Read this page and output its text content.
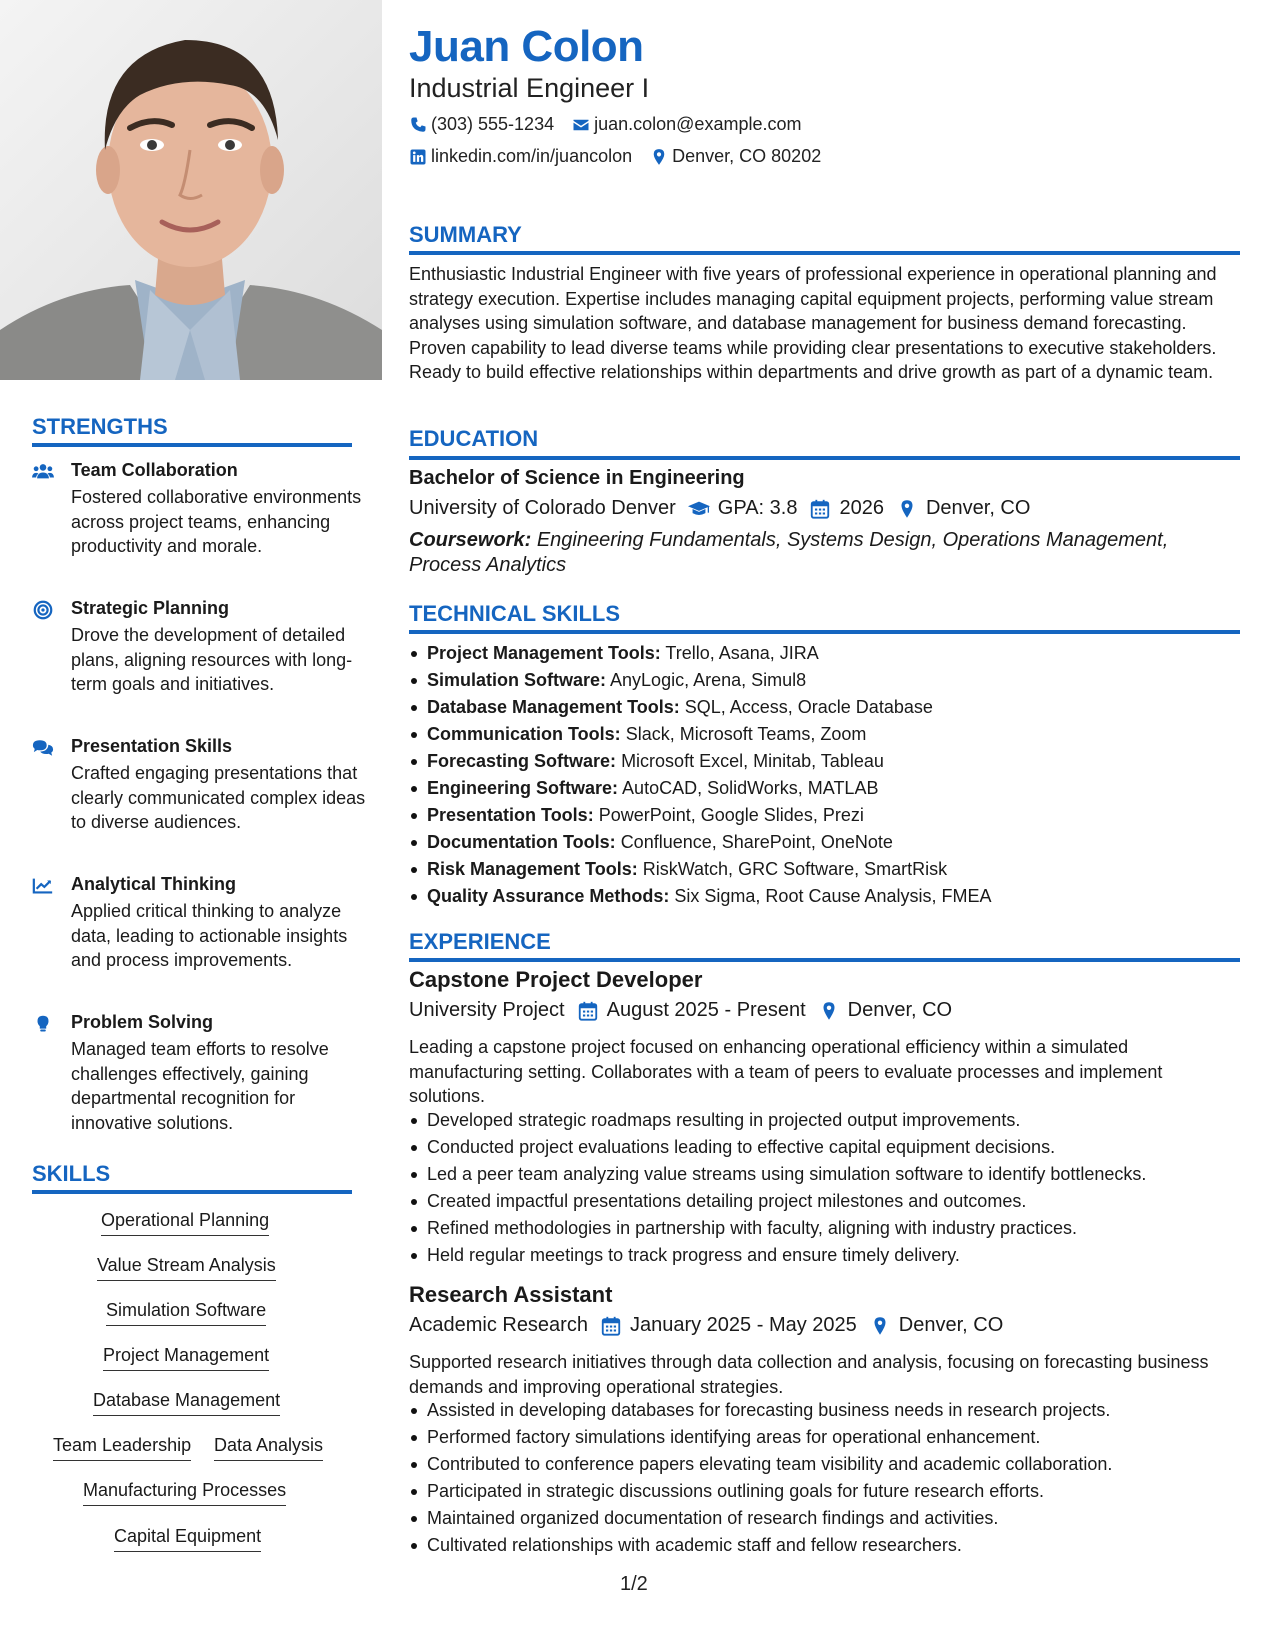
STRENGTHS
Team Collaboration
Fostered collaborative environments across project teams, enhancing productivity and morale.
Strategic Planning
Drove the development of detailed plans, aligning resources with long-term goals and initiatives.
Presentation Skills
Crafted engaging presentations that clearly communicated complex ideas to diverse audiences.
Analytical Thinking
Applied critical thinking to analyze data, leading to actionable insights and process improvements.
Problem Solving
Managed team efforts to resolve challenges effectively, gaining departmental recognition for innovative solutions.
SKILLS
Operational Planning
Value Stream Analysis
Simulation Software
Project Management
Database Management
Team Leadership Data Analysis
Manufacturing Processes
Capital Equipment
Juan Colon
Industrial Engineer I
(303) 555-1234 juan.colon@example.com
linkedin.com/in/juancolon Denver, CO 80202
SUMMARY
Enthusiastic Industrial Engineer with five years of professional experience in operational planning and strategy execution. Expertise includes managing capital equipment projects, performing value stream analyses using simulation software, and database management for business demand forecasting. Proven capability to lead diverse teams while providing clear presentations to executive stakeholders. Ready to build effective relationships within departments and drive growth as part of a dynamic team.
EDUCATION
Bachelor of Science in Engineering
University of Colorado Denver GPA: 3.8 2026 Denver, CO
Coursework: Engineering Fundamentals, Systems Design, Operations Management, Process Analytics
TECHNICAL SKILLS
Project Management Tools: Trello, Asana, JIRA
Simulation Software: AnyLogic, Arena, Simul8
Database Management Tools: SQL, Access, Oracle Database
Communication Tools: Slack, Microsoft Teams, Zoom
Forecasting Software: Microsoft Excel, Minitab, Tableau
Engineering Software: AutoCAD, SolidWorks, MATLAB
Presentation Tools: PowerPoint, Google Slides, Prezi
Documentation Tools: Confluence, SharePoint, OneNote
Risk Management Tools: RiskWatch, GRC Software, SmartRisk
Quality Assurance Methods: Six Sigma, Root Cause Analysis, FMEA
EXPERIENCE
Capstone Project Developer
University Project August 2025 - Present Denver, CO
Leading a capstone project focused on enhancing operational efficiency within a simulated manufacturing setting. Collaborates with a team of peers to evaluate processes and implement solutions.
Developed strategic roadmaps resulting in projected output improvements.
Conducted project evaluations leading to effective capital equipment decisions.
Led a peer team analyzing value streams using simulation software to identify bottlenecks.
Created impactful presentations detailing project milestones and outcomes.
Refined methodologies in partnership with faculty, aligning with industry practices.
Held regular meetings to track progress and ensure timely delivery.
Research Assistant
Academic Research January 2025 - May 2025 Denver, CO
Supported research initiatives through data collection and analysis, focusing on forecasting business demands and improving operational strategies.
Assisted in developing databases for forecasting business needs in research projects.
Performed factory simulations identifying areas for operational enhancement.
Contributed to conference papers elevating team visibility and academic collaboration.
Participated in strategic discussions outlining goals for future research efforts.
Maintained organized documentation of research findings and activities.
Cultivated relationships with academic staff and fellow researchers.
1/2
